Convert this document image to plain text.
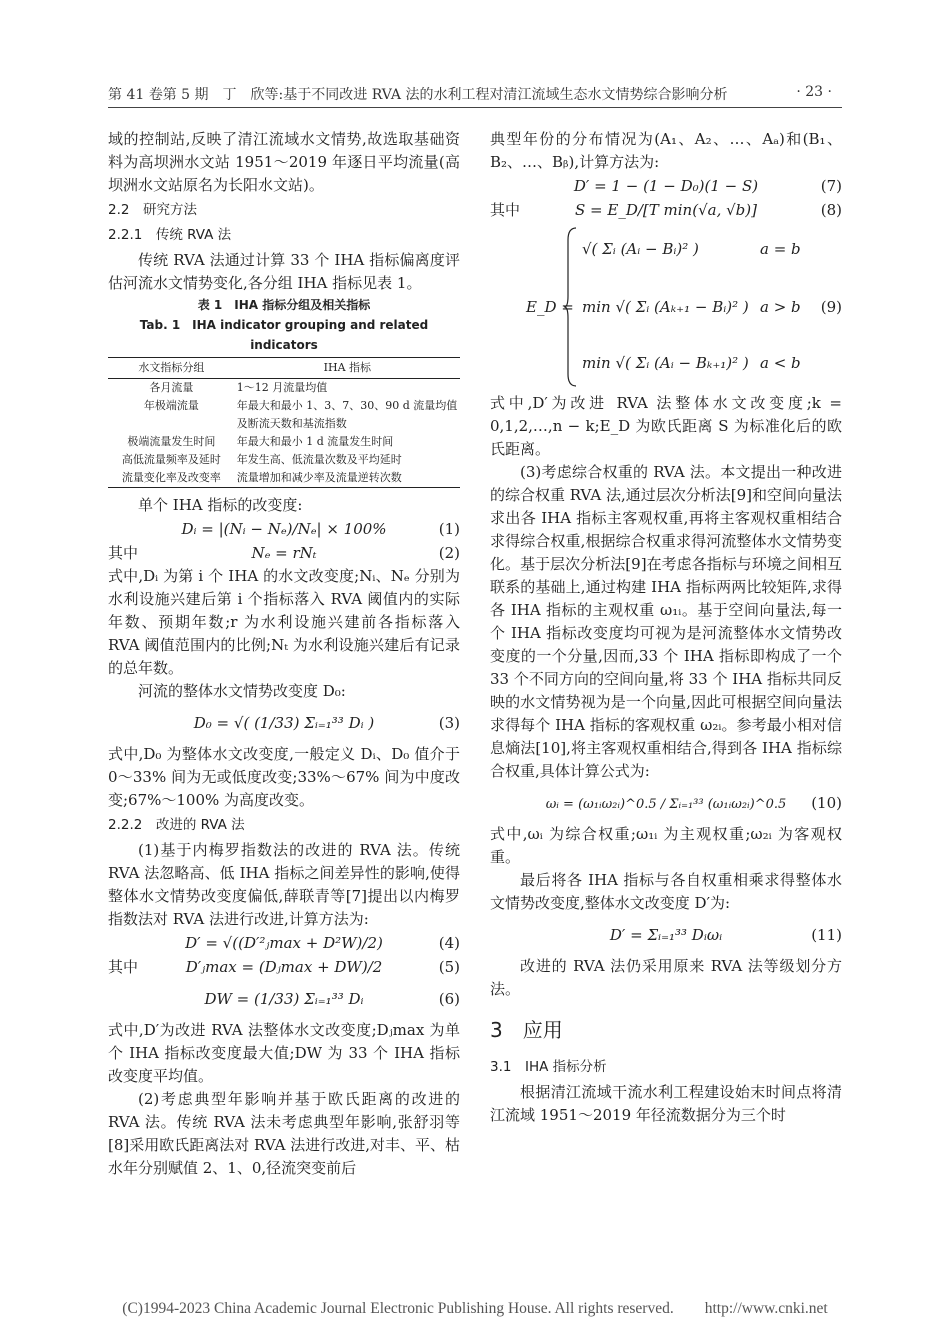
第 41 卷第 5 期　丁　欣等:基于不同改进 RVA 法的水利工程对清江流域生态水文情势综合影响分析	· 23 ·

域的控制站,反映了清江流域水文情势,故选取基础资料为高坝洲水文站 1951～2019 年逐日平均流量(高坝洲水文站原名为长阳水文站)。

2.2　研究方法
2.2.1　传统 RVA 法

传统 RVA 法通过计算 33 个 IHA 指标偏离度评估河流水文情势变化,各分组 IHA 指标见表 1。

表 1　IHA 指标分组及相关指标
Tab. 1　IHA indicator grouping and related indicators
水文指标分组	IHA 指标
各月流量	1～12 月流量均值
年极端流量	年最大和最小 1、3、7、30、90 d 流量均值及断流天数和基流指数
极端流量发生时间	年最大和最小 1 d 流量发生时间
高低流量频率及延时	年发生高、低流量次数及平均延时
流量变化率及改变率	流量增加和减少率及流量逆转次数

单个 IHA 指标的改变度:

Dᵢ = |(Nᵢ − Nₑ)/Nₑ| × 100%	(1)
其中	Nₑ = rNₜ	(2)

式中,Dᵢ 为第 i 个 IHA 的水文改变度;Nᵢ、Nₑ 分别为水利设施兴建后第 i 个指标落入 RVA 阈值内的实际年数、预期年数;r 为水利设施兴建前各指标落入 RVA 阈值范围内的比例;Nₜ 为水利设施兴建后有记录的总年数。

河流的整体水文情势改变度 D₀:

D₀ = √( (1/33) Σᵢ₌₁³³ Dᵢ )	(3)

式中,D₀ 为整体水文改变度,一般定义 Dᵢ、D₀ 值介于 0～33% 间为无或低度改变;33%～67% 间为中度改变;67%～100% 为高度改变。

2.2.2　改进的 RVA 法

(1)基于内梅罗指数法的改进的 RVA 法。传统 RVA 法忽略高、低 IHA 指标之间差异性的影响,使得整体水文情势改变度偏低,薛联青等[7]提出以内梅罗指数法对 RVA 法进行改进,计算方法为:

D′ = √((D′²ⱼmax + D²W)/2)	(4)
其中	D′ⱼmax = (Dⱼmax + DW)/2	(5)
DW = (1/33) Σᵢ₌₁³³ Dᵢ	(6)

式中,D′为改进 RVA 法整体水文改变度;Dⱼmax 为单个 IHA 指标改变度最大值;DW 为 33 个 IHA 指标改变度平均值。

(2)考虑典型年影响并基于欧氏距离的改进的 RVA 法。传统 RVA 法未考虑典型年影响,张舒羽等[8]采用欧氏距离法对 RVA 法进行改进,对丰、平、枯水年分别赋值 2、1、0,径流突变前后

典型年份的分布情况为(A₁、A₂、…、Aₐ)和(B₁、B₂、…、Bᵦ),计算方法为:

D′ = 1 − (1 − D₀)(1 − S)	(7)
其中	S = E_D/[T min(√a, √b)]	(8)
E_D =
√( Σᵢ (Aᵢ − Bᵢ)² )	a = b
min √( Σᵢ (Aₖ₊₁ − Bᵢ)² ) a > b (9)
min √( Σᵢ (Aᵢ − Bₖ₊₁)² ) a < b

式中,D′为改进 RVA 法整体水文改变度;k = 0,1,2,…,n − k;E_D 为欧氏距离 S 为标准化后的欧氏距离。

(3)考虑综合权重的 RVA 法。本文提出一种改进的综合权重 RVA 法,通过层次分析法[9]和空间向量法求出各 IHA 指标主客观权重,再将主客观权重相结合求得综合权重,根据综合权重求得河流整体水文情势变化。基于层次分析法[9]在考虑各指标与环境之间相互联系的基础上,通过构建 IHA 指标两两比较矩阵,求得各 IHA 指标的主观权重 ω₁ᵢ。基于空间向量法,每一个 IHA 指标改变度均可视为是河流整体水文情势改变度的一个分量,因而,33 个 IHA 指标即构成了一个 33 个不同方向的空间向量,将 33 个 IHA 指标共同反映的水文情势视为是一个向量,因此可根据空间向量法求得每个 IHA 指标的客观权重 ω₂ᵢ。参考最小相对信息熵法[10],将主客观权重相结合,得到各 IHA 指标综合权重,具体计算公式为:

ωᵢ = (ω₁ᵢω₂ᵢ)^0.5 / Σᵢ₌₁³³ (ω₁ᵢω₂ᵢ)^0.5 (10)

式中,ωᵢ 为综合权重;ω₁ᵢ 为主观权重;ω₂ᵢ 为客观权重。

最后将各 IHA 指标与各自权重相乘求得整体水文情势改变度,整体水文改变度 D′为:

D′ = Σᵢ₌₁³³ Dᵢωᵢ	(11)

改进的 RVA 法仍采用原来 RVA 法等级划分方法。

3　应用
3.1　IHA 指标分析

根据清江流域干流水利工程建设始末时间点将清江流域 1951～2019 年径流数据分为三个时

(C)1994-2023 China Academic Journal Electronic Publishing House. All rights reserved.　　http://www.cnki.net
